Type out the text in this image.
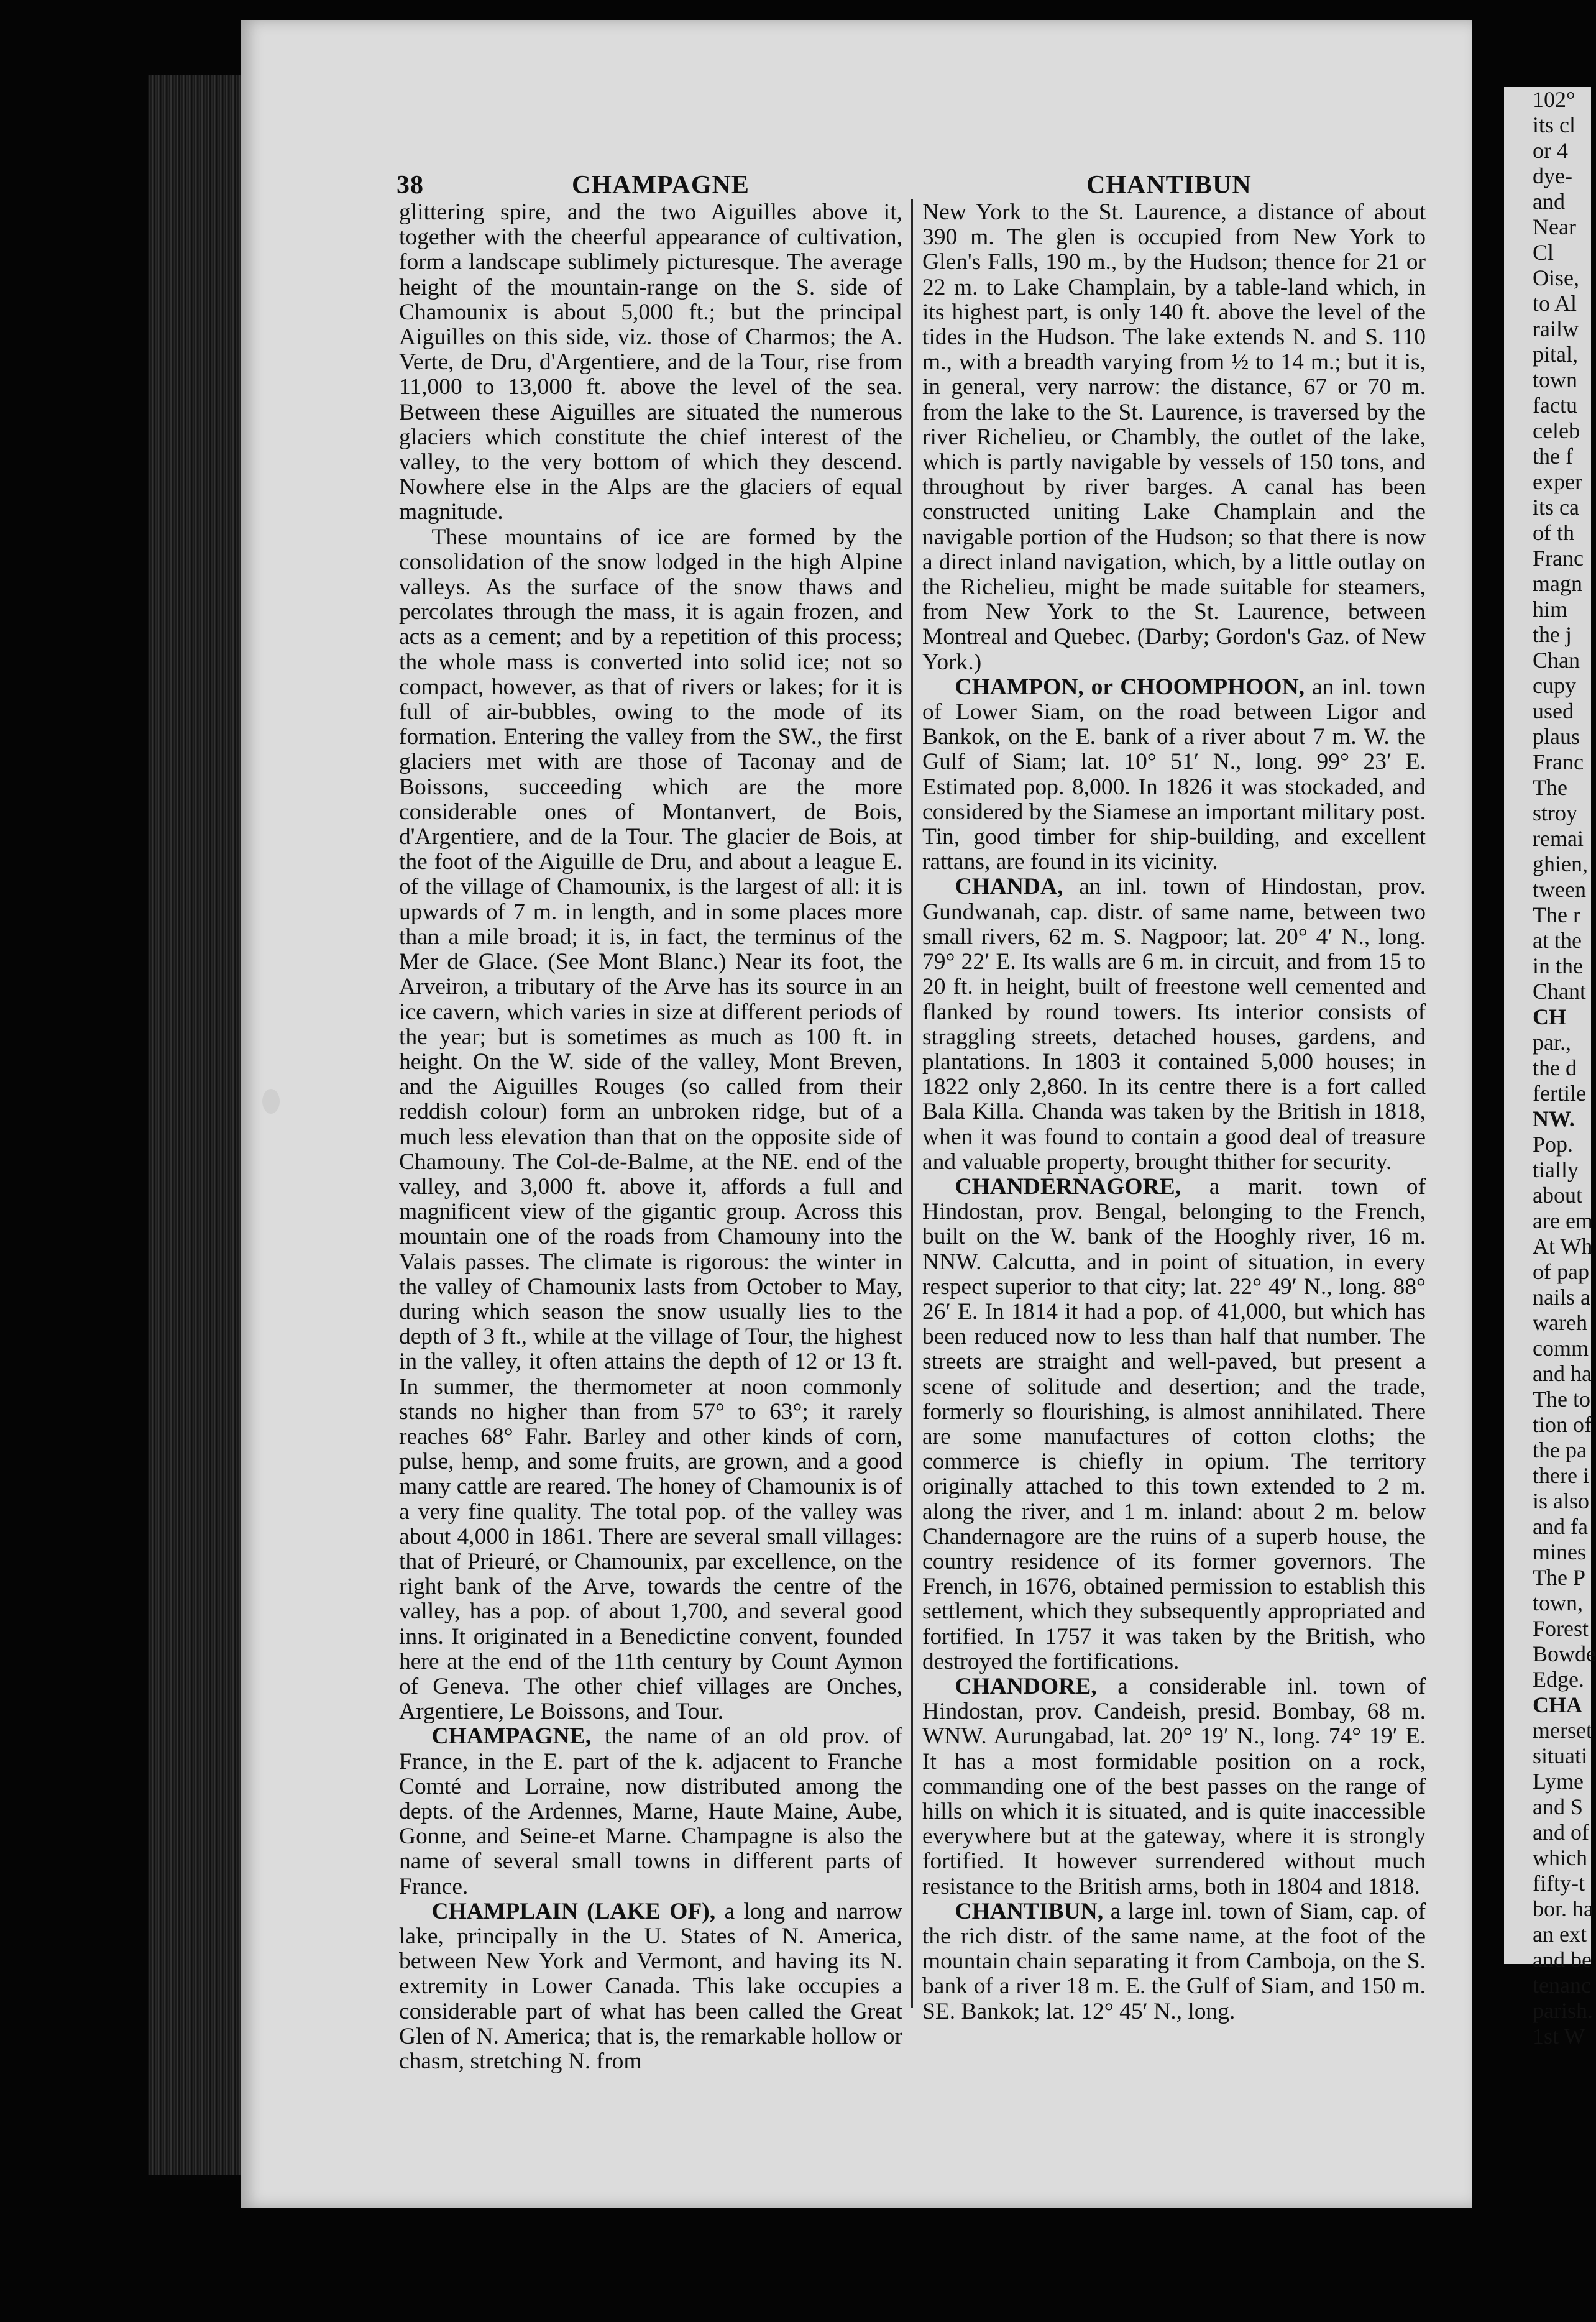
38	CHAMPAGNE	CHANTIBUN

glittering spire, and the two Aiguilles above it, together with the cheerful appearance of cultivation, form a landscape sublimely picturesque. The average height of the mountain-range on the S. side of Chamounix is about 5,000 ft.; but the principal Aiguilles on this side, viz. those of Charmos; the A. Verte, de Dru, d'Argentiere, and de la Tour, rise from 11,000 to 13,000 ft. above the level of the sea. Between these Aiguilles are situated the numerous glaciers which constitute the chief interest of the valley, to the very bottom of which they descend. Nowhere else in the Alps are the glaciers of equal magnitude.

These mountains of ice are formed by the consolidation of the snow lodged in the high Alpine valleys. As the surface of the snow thaws and percolates through the mass, it is again frozen, and acts as a cement; and by a repetition of this process; the whole mass is converted into solid ice; not so compact, however, as that of rivers or lakes; for it is full of air-bubbles, owing to the mode of its formation. Entering the valley from the SW., the first glaciers met with are those of Taconay and de Boissons, succeeding which are the more considerable ones of Montanvert, de Bois, d'Argentiere, and de la Tour. The glacier de Bois, at the foot of the Aiguille de Dru, and about a league E. of the village of Chamounix, is the largest of all: it is upwards of 7 m. in length, and in some places more than a mile broad; it is, in fact, the terminus of the Mer de Glace. (See Mont Blanc.) Near its foot, the Arveiron, a tributary of the Arve has its source in an ice cavern, which varies in size at different periods of the year; but is sometimes as much as 100 ft. in height. On the W. side of the valley, Mont Breven, and the Aiguilles Rouges (so called from their reddish colour) form an unbroken ridge, but of a much less elevation than that on the opposite side of Chamouny. The Col-de-Balme, at the NE. end of the valley, and 3,000 ft. above it, affords a full and magnificent view of the gigantic group. Across this mountain one of the roads from Chamouny into the Valais passes. The climate is rigorous: the winter in the valley of Chamounix lasts from October to May, during which season the snow usually lies to the depth of 3 ft., while at the village of Tour, the highest in the valley, it often attains the depth of 12 or 13 ft. In summer, the thermometer at noon commonly stands no higher than from 57° to 63°; it rarely reaches 68° Fahr. Barley and other kinds of corn, pulse, hemp, and some fruits, are grown, and a good many cattle are reared. The honey of Chamounix is of a very fine quality. The total pop. of the valley was about 4,000 in 1861. There are several small villages: that of Prieuré, or Chamounix, par excellence, on the right bank of the Arve, towards the centre of the valley, has a pop. of about 1,700, and several good inns. It originated in a Benedictine convent, founded here at the end of the 11th century by Count Aymon of Geneva. The other chief villages are Onches, Argentiere, Le Boissons, and Tour.

CHAMPAGNE, the name of an old prov. of France, in the E. part of the k. adjacent to Franche Comté and Lorraine, now distributed among the depts. of the Ardennes, Marne, Haute Maine, Aube, Gonne, and Seine-et Marne. Champagne is also the name of several small towns in different parts of France.

CHAMPLAIN (LAKE OF), a long and narrow lake, principally in the U. States of N. America, between New York and Vermont, and having its N. extremity in Lower Canada. This lake occupies a considerable part of what has been called the Great Glen of N. America; that is, the remarkable hollow or chasm, stretching N. from

New York to the St. Laurence, a distance of about 390 m. The glen is occupied from New York to Glen's Falls, 190 m., by the Hudson; thence for 21 or 22 m. to Lake Champlain, by a table-land which, in its highest part, is only 140 ft. above the level of the tides in the Hudson. The lake extends N. and S. 110 m., with a breadth varying from ½ to 14 m.; but it is, in general, very narrow: the distance, 67 or 70 m. from the lake to the St. Laurence, is traversed by the river Richelieu, or Chambly, the outlet of the lake, which is partly navigable by vessels of 150 tons, and throughout by river barges. A canal has been constructed uniting Lake Champlain and the navigable portion of the Hudson; so that there is now a direct inland navigation, which, by a little outlay on the Richelieu, might be made suitable for steamers, from New York to the St. Laurence, between Montreal and Quebec. (Darby; Gordon's Gaz. of New York.)

CHAMPON, or CHOOMPHOON, an inl. town of Lower Siam, on the road between Ligor and Bankok, on the E. bank of a river about 7 m. W. the Gulf of Siam; lat. 10° 51′ N., long. 99° 23′ E. Estimated pop. 8,000. In 1826 it was stockaded, and considered by the Siamese an important military post. Tin, good timber for ship-building, and excellent rattans, are found in its vicinity.

CHANDA, an inl. town of Hindostan, prov. Gundwanah, cap. distr. of same name, between two small rivers, 62 m. S. Nagpoor; lat. 20° 4′ N., long. 79° 22′ E. Its walls are 6 m. in circuit, and from 15 to 20 ft. in height, built of freestone well cemented and flanked by round towers. Its interior consists of straggling streets, detached houses, gardens, and plantations. In 1803 it contained 5,000 houses; in 1822 only 2,860. In its centre there is a fort called Bala Killa. Chanda was taken by the British in 1818, when it was found to contain a good deal of treasure and valuable property, brought thither for security.

CHANDERNAGORE, a marit. town of Hindostan, prov. Bengal, belonging to the French, built on the W. bank of the Hooghly river, 16 m. NNW. Calcutta, and in point of situation, in every respect superior to that city; lat. 22° 49′ N., long. 88° 26′ E. In 1814 it had a pop. of 41,000, but which has been reduced now to less than half that number. The streets are straight and well-paved, but present a scene of solitude and desertion; and the trade, formerly so flourishing, is almost annihilated. There are some manufactures of cotton cloths; the commerce is chiefly in opium. The territory originally attached to this town extended to 2 m. along the river, and 1 m. inland: about 2 m. below Chandernagore are the ruins of a superb house, the country residence of its former governors. The French, in 1676, obtained permission to establish this settlement, which they subsequently appropriated and fortified. In 1757 it was taken by the British, who destroyed the fortifications.

CHANDORE, a considerable inl. town of Hindostan, prov. Candeish, presid. Bombay, 68 m. WNW. Aurungabad, lat. 20° 19′ N., long. 74° 19′ E. It has a most formidable position on a rock, commanding one of the best passes on the range of hills on which it is situated, and is quite inaccessible everywhere but at the gateway, where it is strongly fortified. It however surrendered without much resistance to the British arms, both in 1804 and 1818.

CHANTIBUN, a large inl. town of Siam, cap. of the rich distr. of the same name, at the foot of the mountain chain separating it from Camboja, on the S. bank of a river 18 m. E. the Gulf of Siam, and 150 m. SE. Bankok; lat. 12° 45′ N., long.

102°
its cl
or 4
dye-
and
Near
Cl
Oise,
to Al
railw
pital,
town
factu
celeb
the f
exper
its ca
of th
Franc
magn
him
the j
Chan
cupy
used
plaus
Franc
The
stroy
remai
ghien,
tween
The r
at the
in the
Chant
CH
par.,
the d
fertile
NW.
Pop.
tially
about
are em
At Wh
of pap
nails a
wareh
comm
and ha
The to
tion of
the pa
there i
is also
and fa
mines
The P
town,
Forest
Bowde
Edge.
CHA
merset
situati
Lyme
and S
and of
which
fifty-t
bor. ha
an ext
and be
tenanc
parish.
1st W
